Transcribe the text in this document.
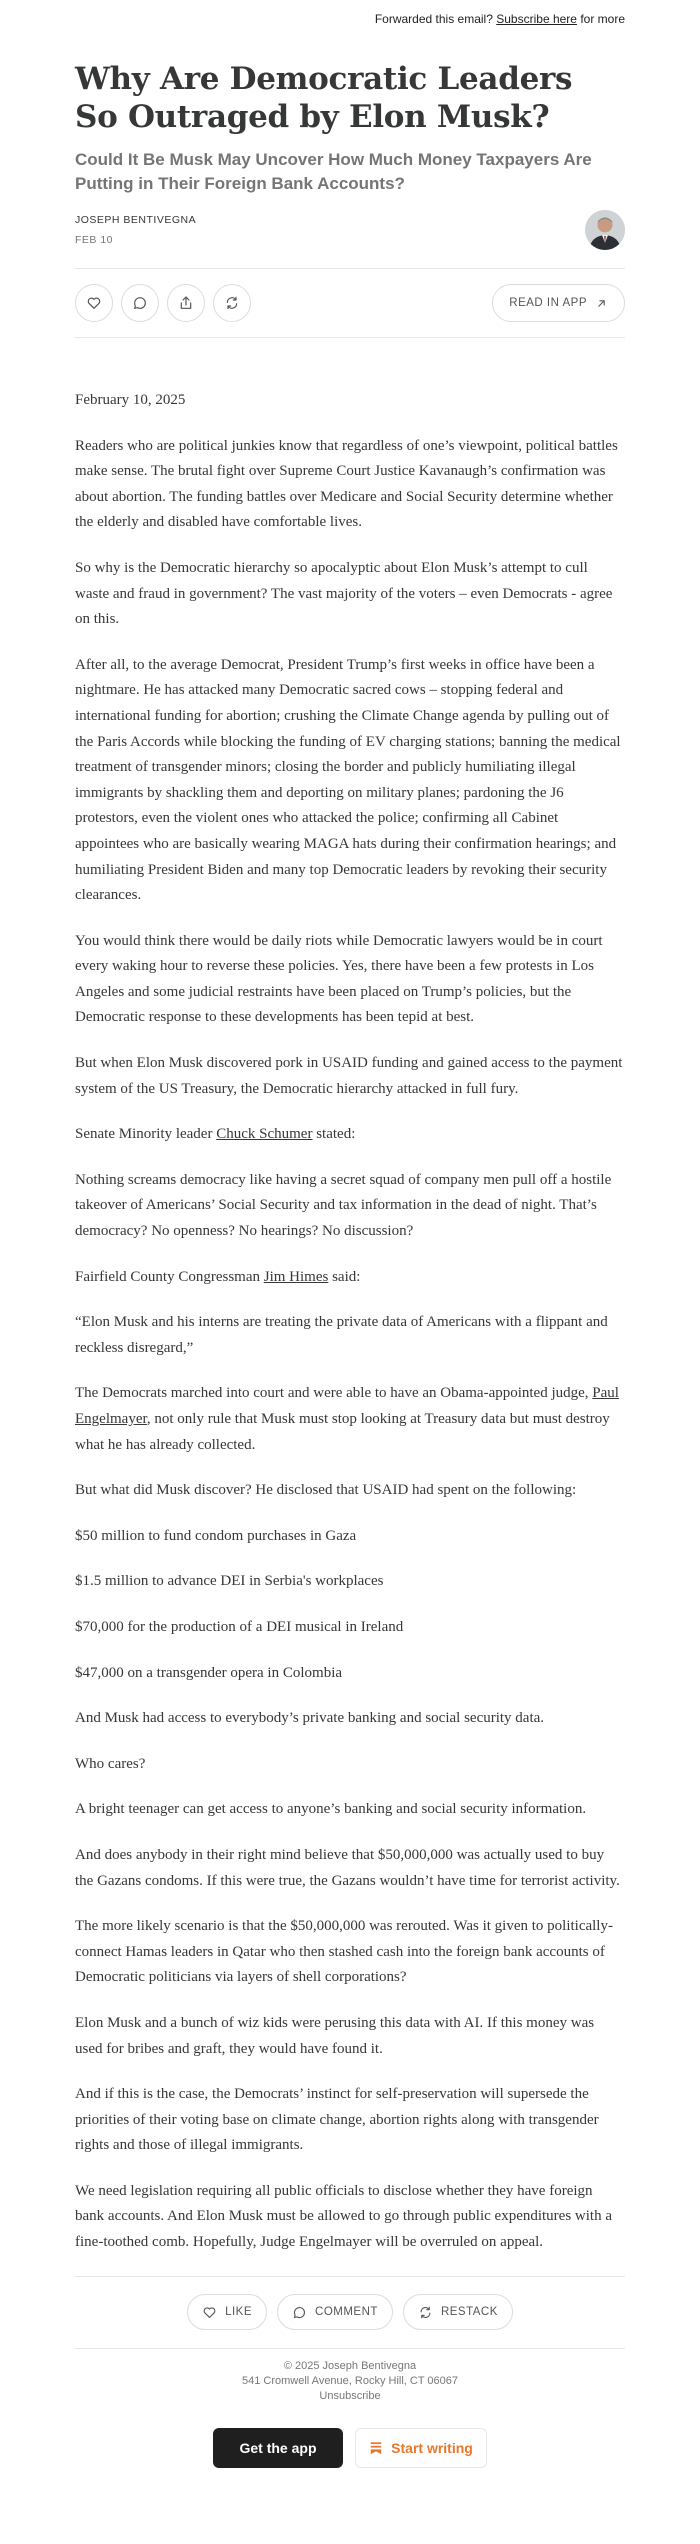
Forwarded this email? Subscribe here for more
Why Are Democratic Leaders So Outraged by Elon Musk?
Could It Be Musk May Uncover How Much Money Taxpayers Are Putting in Their Foreign Bank Accounts?
JOSEPH BENTIVEGNA
FEB 10
READ IN APP

February 10, 2025

Readers who are political junkies know that regardless of one’s viewpoint, political battles make sense. The brutal fight over Supreme Court Justice Kavanaugh’s confirmation was about abortion. The funding battles over Medicare and Social Security determine whether the elderly and disabled have comfortable lives.

So why is the Democratic hierarchy so apocalyptic about Elon Musk’s attempt to cull waste and fraud in government? The vast majority of the voters – even Democrats - agree on this.

After all, to the average Democrat, President Trump’s first weeks in office have been a nightmare. He has attacked many Democratic sacred cows – stopping federal and international funding for abortion; crushing the Climate Change agenda by pulling out of the Paris Accords while blocking the funding of EV charging stations; banning the medical treatment of transgender minors; closing the border and publicly humiliating illegal immigrants by shackling them and deporting on military planes; pardoning the J6 protestors, even the violent ones who attacked the police; confirming all Cabinet appointees who are basically wearing MAGA hats during their confirmation hearings; and humiliating President Biden and many top Democratic leaders by revoking their security clearances.

You would think there would be daily riots while Democratic lawyers would be in court every waking hour to reverse these policies. Yes, there have been a few protests in Los Angeles and some judicial restraints have been placed on Trump’s policies, but the Democratic response to these developments has been tepid at best.

But when Elon Musk discovered pork in USAID funding and gained access to the payment system of the US Treasury, the Democratic hierarchy attacked in full fury.

Senate Minority leader Chuck Schumer stated:

Nothing screams democracy like having a secret squad of company men pull off a hostile takeover of Americans’ Social Security and tax information in the dead of night. That’s democracy? No openness? No hearings? No discussion?

Fairfield County Congressman Jim Himes said:

“Elon Musk and his interns are treating the private data of Americans with a flippant and reckless disregard,”

The Democrats marched into court and were able to have an Obama-appointed judge, Paul Engelmayer, not only rule that Musk must stop looking at Treasury data but must destroy what he has already collected.

But what did Musk discover? He disclosed that USAID had spent on the following:

$50 million to fund condom purchases in Gaza

$1.5 million to advance DEI in Serbia's workplaces

$70,000 for the production of a DEI musical in Ireland

$47,000 on a transgender opera in Colombia

And Musk had access to everybody’s private banking and social security data.

Who cares?

A bright teenager can get access to anyone’s banking and social security information.

And does anybody in their right mind believe that $50,000,000 was actually used to buy the Gazans condoms. If this were true, the Gazans wouldn’t have time for terrorist activity.

The more likely scenario is that the $50,000,000 was rerouted. Was it given to politically-connect Hamas leaders in Qatar who then stashed cash into the foreign bank accounts of Democratic politicians via layers of shell corporations?

Elon Musk and a bunch of wiz kids were perusing this data with AI. If this money was used for bribes and graft, they would have found it.

And if this is the case, the Democrats’ instinct for self-preservation will supersede the priorities of their voting base on climate change, abortion rights along with transgender rights and those of illegal immigrants.

We need legislation requiring all public officials to disclose whether they have foreign bank accounts. And Elon Musk must be allowed to go through public expenditures with a fine-toothed comb. Hopefully, Judge Engelmayer will be overruled on appeal.

LIKE	COMMENT	RESTACK
© 2025 Joseph Bentivegna
541 Cromwell Avenue, Rocky Hill, CT 06067
Unsubscribe
Get the app	Start writing
